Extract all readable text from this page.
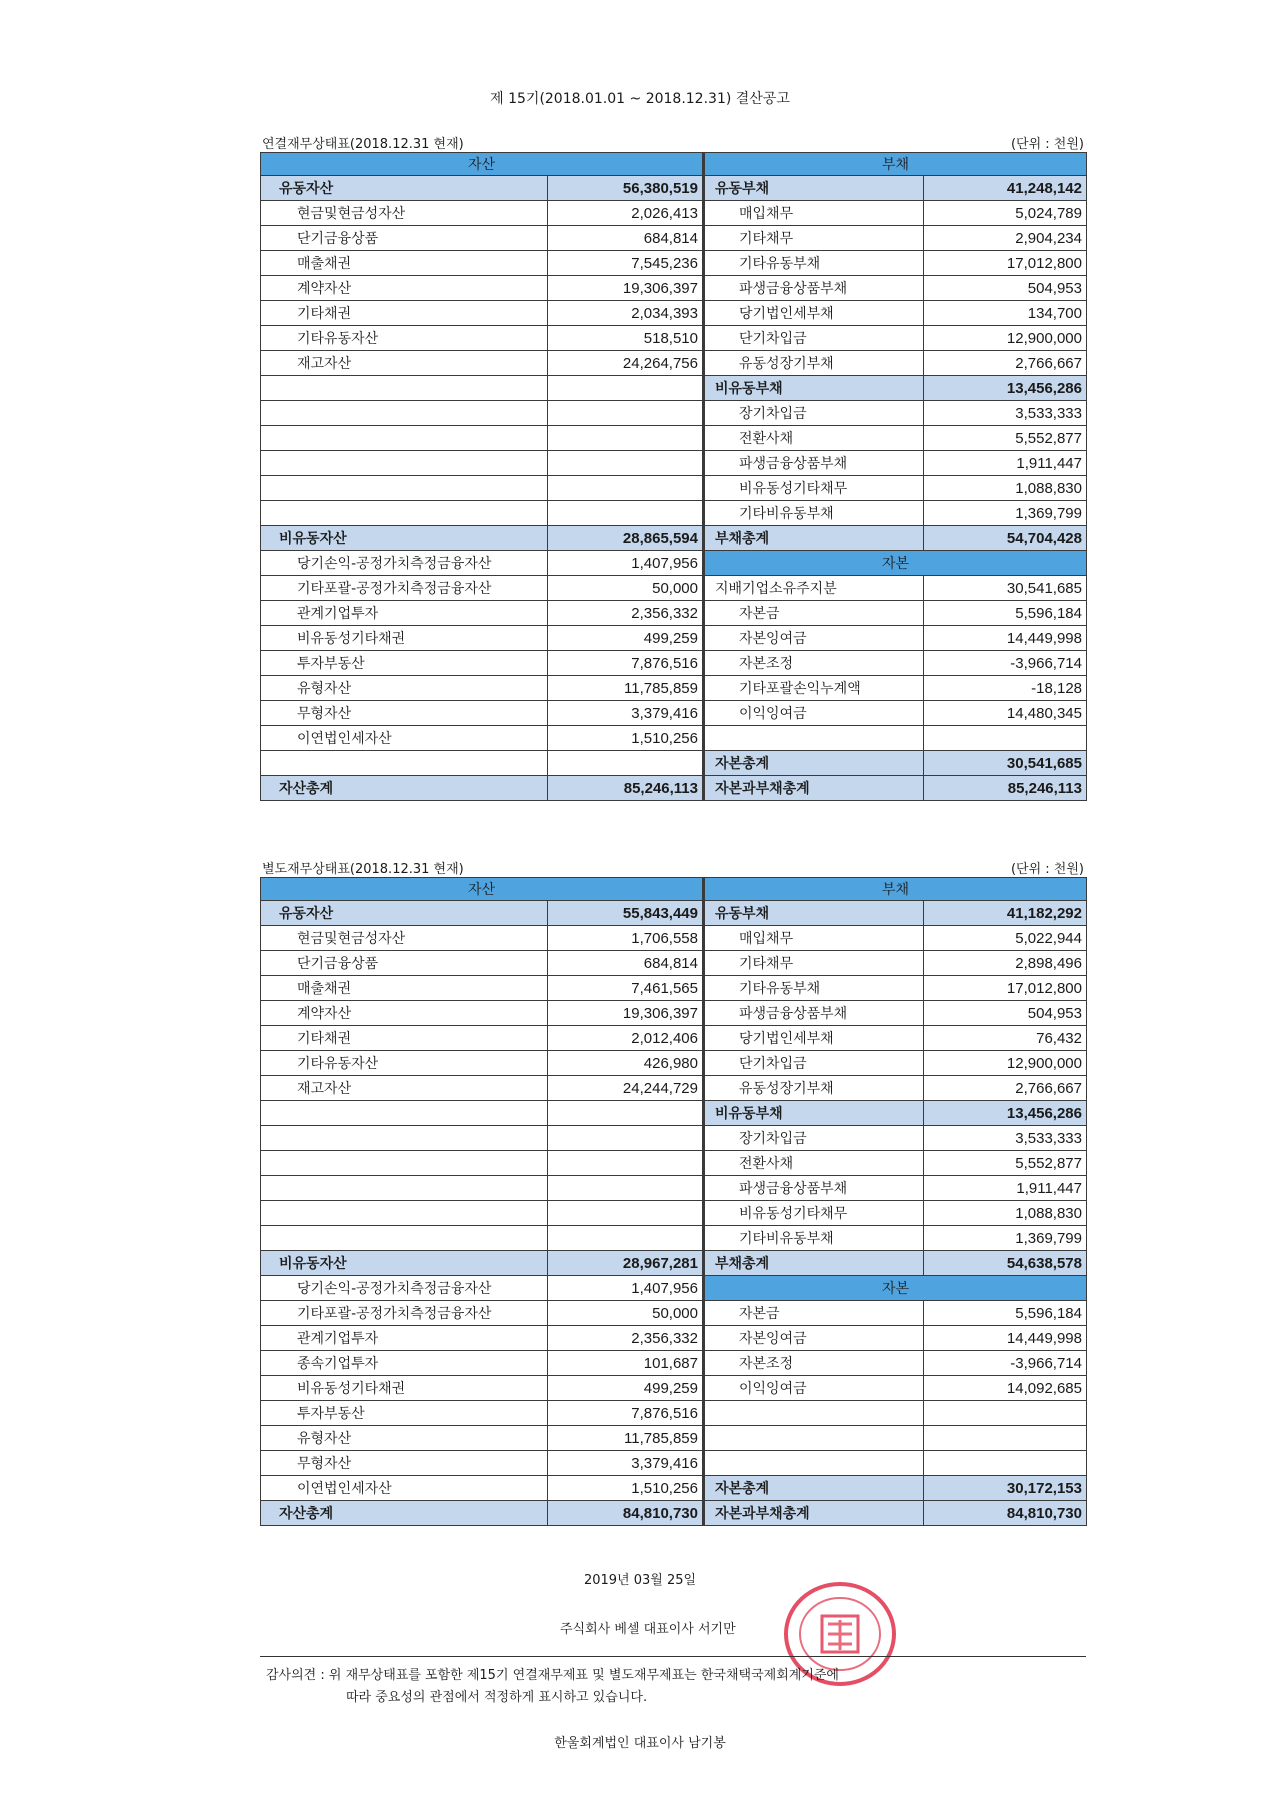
제 15기(2018.01.01 ~ 2018.12.31) 결산공고
연결재무상태표(2018.12.31 현재)	(단위 : 천원)
자산		부채	
유동자산	56,380,519	유동부채	41,248,142
현금및현금성자산	2,026,413	매입채무	5,024,789
단기금융상품	684,814	기타채무	2,904,234
매출채권	7,545,236	기타유동부채	17,012,800
계약자산	19,306,397	파생금융상품부채	504,953
기타채권	2,034,393	당기법인세부채	134,700
기타유동자산	518,510	단기차입금	12,900,000
재고자산	24,264,756	유동성장기부채	2,766,667
		비유동부채	13,456,286
		장기차입금	3,533,333
		전환사채	5,552,877
		파생금융상품부채	1,911,447
		비유동성기타채무	1,088,830
		기타비유동부채	1,369,799
비유동자산	28,865,594	부채총계	54,704,428
당기손익-공정가치측정금융자산	1,407,956	자본	
기타포괄-공정가치측정금융자산	50,000	지배기업소유주지분	30,541,685
관계기업투자	2,356,332	자본금	5,596,184
비유동성기타채권	499,259	자본잉여금	14,449,998
투자부동산	7,876,516	자본조정	-3,966,714
유형자산	11,785,859	기타포괄손익누계액	-18,128
무형자산	3,379,416	이익잉여금	14,480,345
이연법인세자산	1,510,256		
		자본총계	30,541,685
자산총계	85,246,113	자본과부채총계	85,246,113
별도재무상태표(2018.12.31 현재)	(단위 : 천원)
자산		부채	
유동자산	55,843,449	유동부채	41,182,292
현금및현금성자산	1,706,558	매입채무	5,022,944
단기금융상품	684,814	기타채무	2,898,496
매출채권	7,461,565	기타유동부채	17,012,800
계약자산	19,306,397	파생금융상품부채	504,953
기타채권	2,012,406	당기법인세부채	76,432
기타유동자산	426,980	단기차입금	12,900,000
재고자산	24,244,729	유동성장기부채	2,766,667
		비유동부채	13,456,286
		장기차입금	3,533,333
		전환사채	5,552,877
		파생금융상품부채	1,911,447
		비유동성기타채무	1,088,830
		기타비유동부채	1,369,799
비유동자산	28,967,281	부채총계	54,638,578
당기손익-공정가치측정금융자산	1,407,956	자본	
기타포괄-공정가치측정금융자산	50,000	자본금	5,596,184
관계기업투자	2,356,332	자본잉여금	14,449,998
종속기업투자	101,687	자본조정	-3,966,714
비유동성기타채권	499,259	이익잉여금	14,092,685
투자부동산	7,876,516		
유형자산	11,785,859		
무형자산	3,379,416		
이연법인세자산	1,510,256	자본총계	30,172,153
자산총계	84,810,730	자본과부채총계	84,810,730
2019년 03월 25일
주식회사 베셀 대표이사 서기만
감사의견 : 위 재무상태표를 포함한 제15기 연결재무제표 및 별도재무제표는 한국채택국제회계기준에
따라 중요성의 관점에서 적정하게 표시하고 있습니다.
한울회계법인 대표이사 남기봉
